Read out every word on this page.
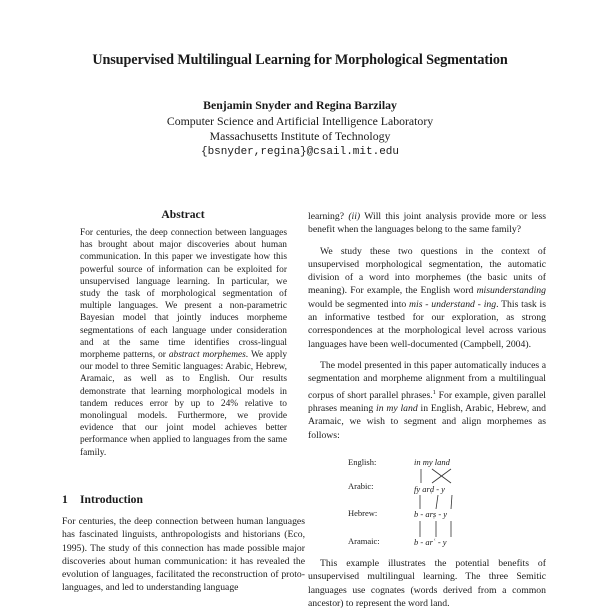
Unsupervised Multilingual Learning for Morphological Segmentation
Benjamin Snyder and Regina Barzilay
Computer Science and Artificial Intelligence Laboratory
Massachusetts Institute of Technology
{bsnyder,regina}@csail.mit.edu
Abstract
For centuries, the deep connection between languages has brought about major discoveries about human communication. In this paper we investigate how this powerful source of information can be exploited for unsupervised language learning. In particular, we study the task of morphological segmentation of multiple languages. We present a non-parametric Bayesian model that jointly induces morpheme segmentations of each language under consideration and at the same time identifies cross-lingual morpheme patterns, or abstract morphemes. We apply our model to three Semitic languages: Arabic, Hebrew, Aramaic, as well as to English. Our results demonstrate that learning morphological models in tandem reduces error by up to 24% relative to monolingual models. Furthermore, we provide evidence that our joint model achieves better performance when applied to languages from the same family.
1 Introduction
For centuries, the deep connection between human languages has fascinated linguists, anthropologists and historians (Eco, 1995). The study of this connection has made possible major discoveries about human communication: it has revealed the evolution of languages, facilitated the reconstruction of proto-languages, and led to understanding language

learning? (ii) Will this joint analysis provide more or less benefit when the languages belong to the same family?

We study these two questions in the context of unsupervised morphological segmentation, the automatic division of a word into morphemes (the basic units of meaning). For example, the English word misunderstanding would be segmented into mis - understand - ing. This task is an informative testbed for our exploration, as strong correspondences at the morphological level across various languages have been well-documented (Campbell, 2004).

The model presented in this paper automatically induces a segmentation and morpheme alignment from a multilingual corpus of short parallel phrases.$^1$ For example, given parallel phrases meaning in my land in English, Arabic, Hebrew, and Aramaic, we wish to segment and align morphemes as follows:

English:	in my land
Arabic:	fy arḍ - y
Hebrew:	b - arṣ - y
Aramaic:	b - arʿ - y
This example illustrates the potential benefits of unsupervised multilingual learning. The three Semitic languages use cognates (words derived from a common ancestor) to represent the word land.
